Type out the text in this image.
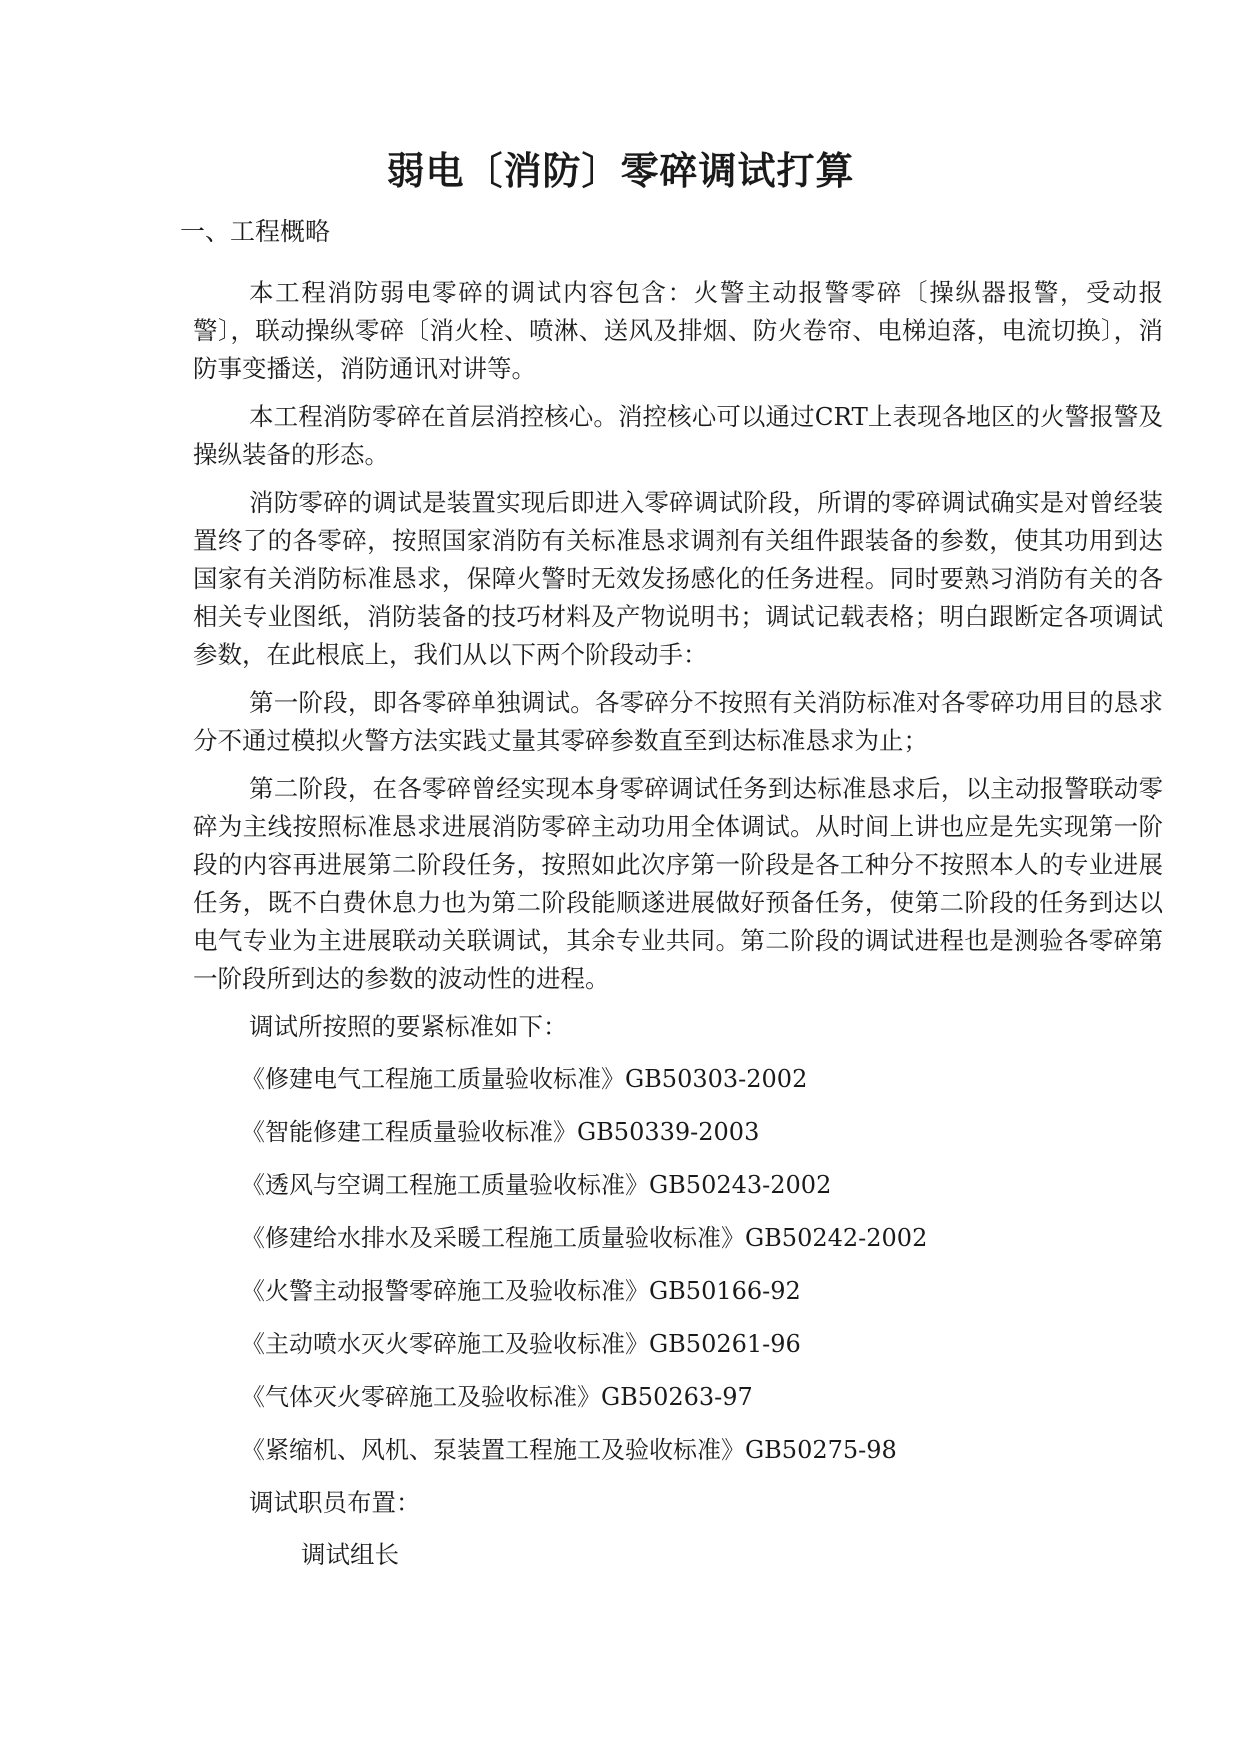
弱电〔消防〕零碎调试打算
一、工程概略

本工程消防弱电零碎的调试内容包含：火警主动报警零碎〔操纵器报警，受动报警〕，联动操纵零碎〔消火栓、喷淋、送风及排烟、防火卷帘、电梯迫落，电流切换〕，消防事变播送，消防通讯对讲等。

本工程消防零碎在首层消控核心。消控核心可以通过CRT上表现各地区的火警报警及操纵装备的形态。

消防零碎的调试是装置实现后即进入零碎调试阶段，所谓的零碎调试确实是对曾经装置终了的各零碎，按照国家消防有关标准恳求调剂有关组件跟装备的参数，使其功用到达国家有关消防标准恳求，保障火警时无效发扬感化的任务进程。同时要熟习消防有关的各相关专业图纸，消防装备的技巧材料及产物说明书；调试记载表格；明白跟断定各项调试参数，在此根底上，我们从以下两个阶段动手：

第一阶段，即各零碎单独调试。各零碎分不按照有关消防标准对各零碎功用目的恳求分不通过模拟火警方法实践丈量其零碎参数直至到达标准恳求为止；

第二阶段，在各零碎曾经实现本身零碎调试任务到达标准恳求后，以主动报警联动零碎为主线按照标准恳求进展消防零碎主动功用全体调试。从时间上讲也应是先实现第一阶段的内容再进展第二阶段任务，按照如此次序第一阶段是各工种分不按照本人的专业进展任务，既不白费休息力也为第二阶段能顺遂进展做好预备任务，使第二阶段的任务到达以电气专业为主进展联动关联调试，其余专业共同。第二阶段的调试进程也是测验各零碎第一阶段所到达的参数的波动性的进程。

调试所按照的要紧标准如下：

《修建电气工程施工质量验收标准》GB50303-2002
《智能修建工程质量验收标准》GB50339-2003
《透风与空调工程施工质量验收标准》GB50243-2002
《修建给水排水及采暖工程施工质量验收标准》GB50242-2002
《火警主动报警零碎施工及验收标准》GB50166-92
《主动喷水灭火零碎施工及验收标准》GB50261-96
《气体灭火零碎施工及验收标准》GB50263-97
《紧缩机、风机、泵装置工程施工及验收标准》GB50275-98

调试职员布置：

调试组长
